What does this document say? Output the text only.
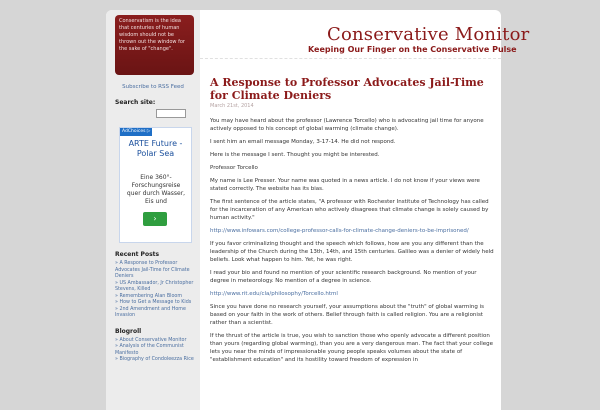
Conservatism is the idea that centuries of human wisdom should not be thrown out the window for the sake of "change".
Subscribe to RSS Feed
Search site:
AdChoices ▷
ARTE Future - Polar Sea
Eine 360°-Forschungsreise quer durch Wasser, Eis und
›
Recent Posts
» A Response to Professor Advocates Jail-Time for Climate Deniers
» US Ambassador, Jr Christopher Stevens, Killed
» Remembering Alan Bloom
» How to Get a Message to Kids
» 2nd Amendment and Home Invasion
Blogroll
» About Conservative Monitor
» Analysis of the Communist Manifesto
» Biography of Condoleezza Rice
Conservative Monitor
Keeping Our Finger on the Conservative Pulse
A Response to Professor Advocates Jail-Time for Climate Deniers
March 21st, 2014

You may have heard about the professor (Lawrence Torcello) who is advocating jail time for anyone actively opposed to his concept of global warming (climate change).

I sent him an email message Monday, 3-17-14. He did not respond.

Here is the message I sent. Thought you might be interested.

Professor Torcello

My name is Lee Presser. Your name was quoted in a news article. I do not know if your views were stated correctly. The website has its bias.

The first sentence of the article states, "A professor with Rochester Institute of Technology has called for the incarceration of any American who actively disagrees that climate change is solely caused by human activity."

http://www.infowars.com/college-professor-calls-for-climate-change-deniers-to-be-imprisoned/

If you favor criminalizing thought and the speech which follows, how are you any different than the leadership of the Church during the 13th, 14th, and 15th centuries. Galileo was a denier of widely held beliefs. Look what happen to him. Yet, he was right.

I read your bio and found no mention of your scientific research background. No mention of your degree in meteorology. No mention of a degree in science.

http://www.rit.edu/cla/philosophy/Torcello.html

Since you have done no research yourself, your assumptions about the "truth" of global warming is based on your faith in the work of others. Belief through faith is called religion. You are a religionist rather than a scientist.

If the thrust of the article is true, you wish to sanction those who openly advocate a different position than yours (regarding global warming), than you are a very dangerous man. The fact that your college lets you near the minds of impressionable young people speaks volumes about the state of "establishment education" and its hostility toward freedom of expression in
